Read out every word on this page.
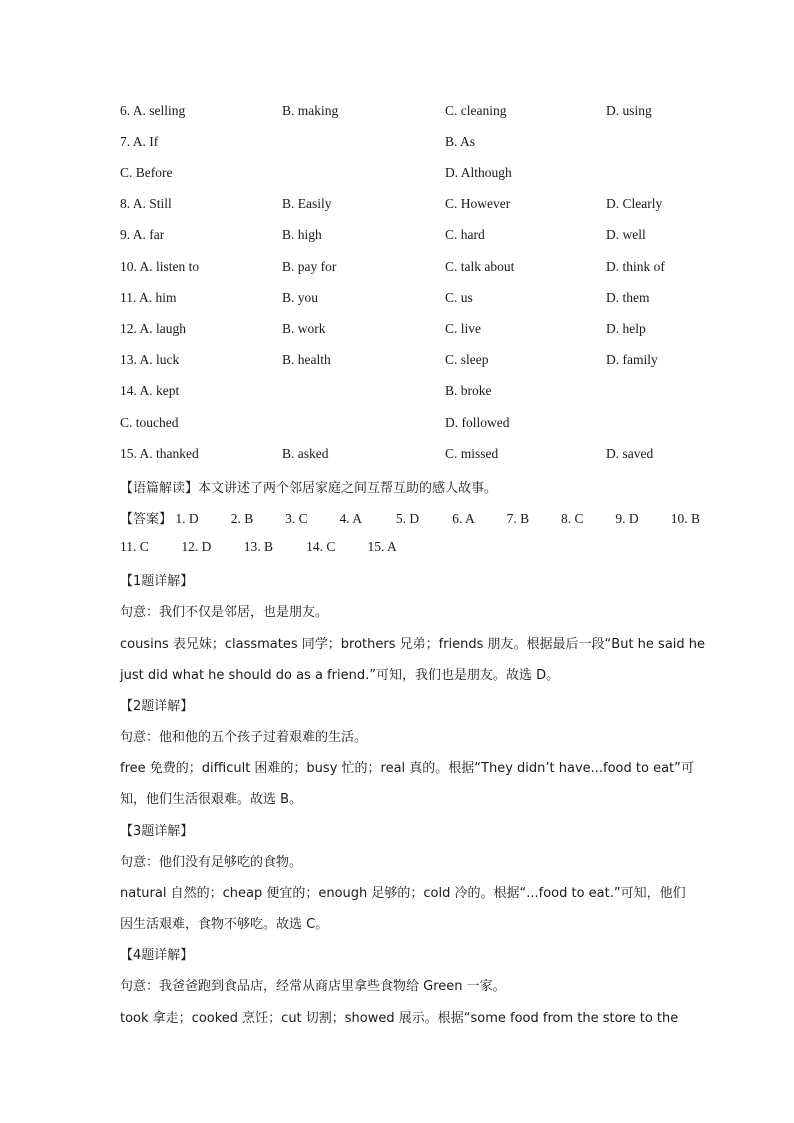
6. A. selling	B. making	C. cleaning	D. using
7. A. If	B. As
C. Before	D. Although
8. A. Still	B. Easily	C. However	D. Clearly
9. A. far	B. high	C. hard	D. well
10. A. listen to	B. pay for	C. talk about	D. think of
11. A. him	B. you	C. us	D. them
12. A. laugh	B. work	C. live	D. help
13. A. luck	B. health	C. sleep	D. family
14. A. kept	B. broke
C. touched	D. followed
15. A. thanked	B. asked	C. missed	D. saved
【语篇解读】本文讲述了两个邻居家庭之间互帮互助的感人故事。
【答案】 1. D 2. B 3. C 4. A	5. D 6. A 7. B 8. C 9. D 10. B
11. C 12. D 13. B 14. C 15. A
【1题详解】
句意：我们不仅是邻居，也是朋友。
cousins 表兄妹；classmates 同学；brothers 兄弟；friends 朋友。根据最后一段“But he said he
just did what he should do as a friend.”可知，我们也是朋友。故选 D。
【2题详解】
句意：他和他的五个孩子过着艰难的生活。
free 免费的；difficult 困难的；busy 忙的；real 真的。根据“They didn’t have...food to eat”可
知，他们生活很艰难。故选 B。
【3题详解】
句意：他们没有足够吃的食物。
natural 自然的；cheap 便宜的；enough 足够的；cold 冷的。根据“...food to eat.”可知，他们
因生活艰难，食物不够吃。故选 C。
【4题详解】
句意：我爸爸跑到食品店，经常从商店里拿些食物给 Green 一家。
took 拿走；cooked 烹饪；cut 切割；showed 展示。根据“some food from the store to the
